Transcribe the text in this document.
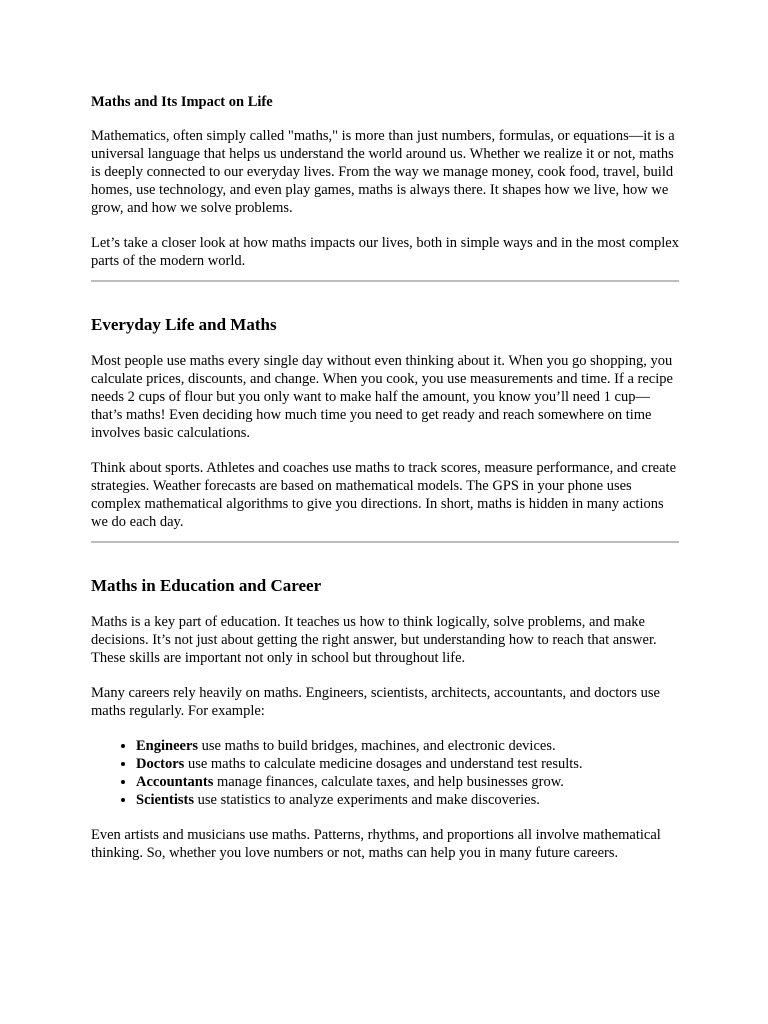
Maths and Its Impact on Life

Mathematics, often simply called "maths," is more than just numbers, formulas, or equations—it is a universal language that helps us understand the world around us. Whether we realize it or not, maths is deeply connected to our everyday lives. From the way we manage money, cook food, travel, build homes, use technology, and even play games, maths is always there. It shapes how we live, how we grow, and how we solve problems.

Let’s take a closer look at how maths impacts our lives, both in simple ways and in the most complex parts of the modern world.

Everyday Life and Maths

Most people use maths every single day without even thinking about it. When you go shopping, you calculate prices, discounts, and change. When you cook, you use measurements and time. If a recipe needs 2 cups of flour but you only want to make half the amount, you know you’ll need 1 cup—that’s maths! Even deciding how much time you need to get ready and reach somewhere on time involves basic calculations.

Think about sports. Athletes and coaches use maths to track scores, measure performance, and create strategies. Weather forecasts are based on mathematical models. The GPS in your phone uses complex mathematical algorithms to give you directions. In short, maths is hidden in many actions we do each day.

Maths in Education and Career

Maths is a key part of education. It teaches us how to think logically, solve problems, and make decisions. It’s not just about getting the right answer, but understanding how to reach that answer. These skills are important not only in school but throughout life.

Many careers rely heavily on maths. Engineers, scientists, architects, accountants, and doctors use maths regularly. For example:

• Engineers use maths to build bridges, machines, and electronic devices.
• Doctors use maths to calculate medicine dosages and understand test results.
• Accountants manage finances, calculate taxes, and help businesses grow.
• Scientists use statistics to analyze experiments and make discoveries.

Even artists and musicians use maths. Patterns, rhythms, and proportions all involve mathematical thinking. So, whether you love numbers or not, maths can help you in many future careers.
